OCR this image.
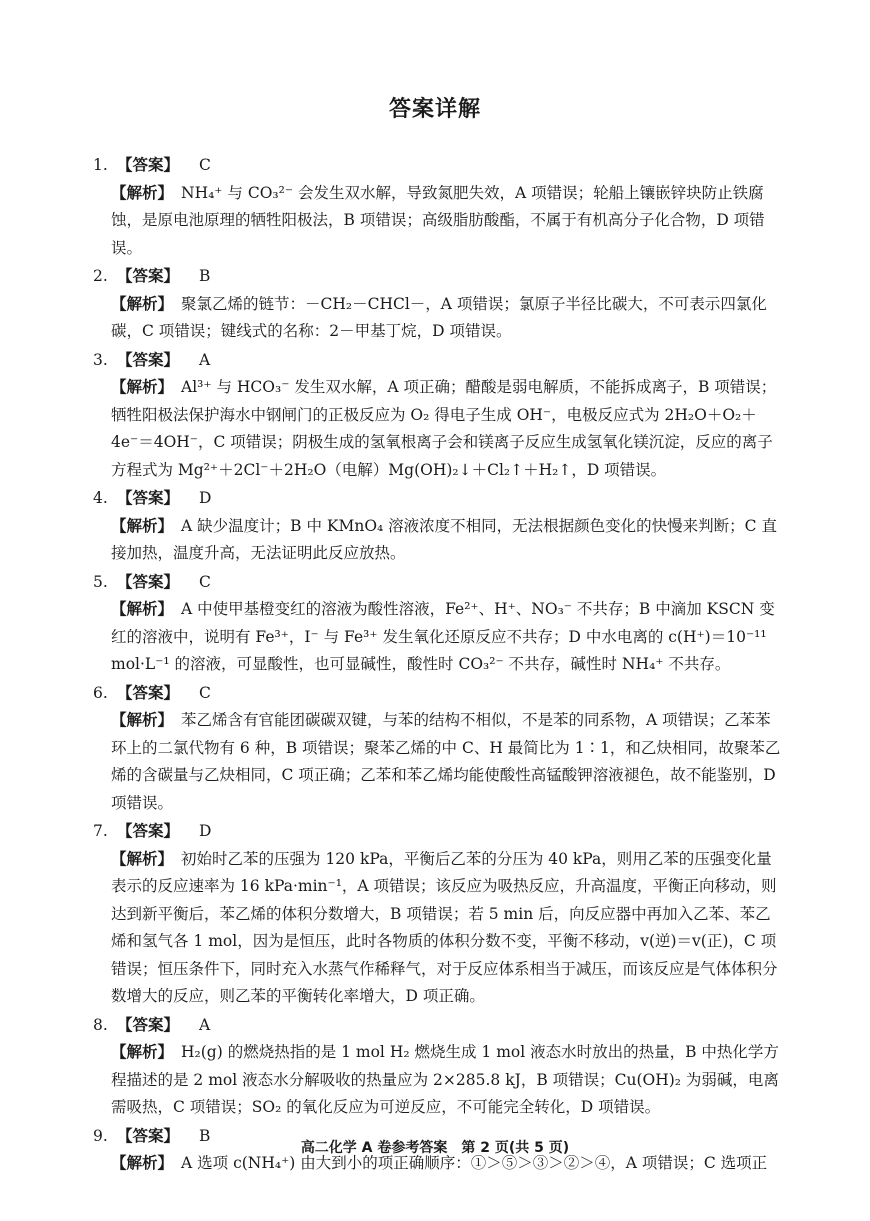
答案详解
1. 【答案】 C
【解析】 NH₄⁺ 与 CO₃²⁻ 会发生双水解，导致氮肥失效，A 项错误；轮船上镶嵌锌块防止铁腐蚀，是原电池原理的牺牲阳极法，B 项错误；高级脂肪酸酯，不属于有机高分子化合物，D 项错误。
2. 【答案】 B
【解析】 聚氯乙烯的链节：－CH₂－CHCl－，A 项错误；氯原子半径比碳大，不可表示四氯化碳，C 项错误；键线式的名称：2－甲基丁烷，D 项错误。
3. 【答案】 A
【解析】 Al³⁺ 与 HCO₃⁻ 发生双水解，A 项正确；醋酸是弱电解质，不能拆成离子，B 项错误；牺牲阳极法保护海水中钢闸门的正极反应为 O₂ 得电子生成 OH⁻，电极反应式为 2H₂O＋O₂＋4e⁻＝4OH⁻，C 项错误；阴极生成的氢氧根离子会和镁离子反应生成氢氧化镁沉淀，反应的离子方程式为 Mg²⁺＋2Cl⁻＋2H₂O（电解）Mg(OH)₂↓＋Cl₂↑＋H₂↑，D 项错误。
4. 【答案】 D
【解析】 A 缺少温度计；B 中 KMnO₄ 溶液浓度不相同，无法根据颜色变化的快慢来判断；C 直接加热，温度升高，无法证明此反应放热。
5. 【答案】 C
【解析】 A 中使甲基橙变红的溶液为酸性溶液，Fe²⁺、H⁺、NO₃⁻ 不共存；B 中滴加 KSCN 变红的溶液中，说明有 Fe³⁺，I⁻ 与 Fe³⁺ 发生氧化还原反应不共存；D 中水电离的 c(H⁺)＝10⁻¹¹ mol·L⁻¹ 的溶液，可显酸性，也可显碱性，酸性时 CO₃²⁻ 不共存，碱性时 NH₄⁺ 不共存。
6. 【答案】 C
【解析】 苯乙烯含有官能团碳碳双键，与苯的结构不相似，不是苯的同系物，A 项错误；乙苯苯环上的二氯代物有 6 种，B 项错误；聚苯乙烯的中 C、H 最简比为 1∶1，和乙炔相同，故聚苯乙烯的含碳量与乙炔相同，C 项正确；乙苯和苯乙烯均能使酸性高锰酸钾溶液褪色，故不能鉴别，D 项错误。
7. 【答案】 D
【解析】 初始时乙苯的压强为 120 kPa，平衡后乙苯的分压为 40 kPa，则用乙苯的压强变化量表示的反应速率为 16 kPa·min⁻¹，A 项错误；该反应为吸热反应，升高温度，平衡正向移动，则达到新平衡后，苯乙烯的体积分数增大，B 项错误；若 5 min 后，向反应器中再加入乙苯、苯乙烯和氢气各 1 mol，因为是恒压，此时各物质的体积分数不变，平衡不移动，v(逆)＝v(正)，C 项错误；恒压条件下，同时充入水蒸气作稀释气，对于反应体系相当于减压，而该反应是气体体积分数增大的反应，则乙苯的平衡转化率增大，D 项正确。
8. 【答案】 A
【解析】 H₂(g) 的燃烧热指的是 1 mol H₂ 燃烧生成 1 mol 液态水时放出的热量，B 中热化学方程描述的是 2 mol 液态水分解吸收的热量应为 2×285.8 kJ，B 项错误；Cu(OH)₂ 为弱碱，电离需吸热，C 项错误；SO₂ 的氧化反应为可逆反应，不可能完全转化，D 项错误。
9. 【答案】 B
【解析】 A 选项 c(NH₄⁺) 由大到小的项正确顺序：①＞⑤＞③＞②＞④，A 项错误；C 选项正
高二化学 A 卷参考答案　第 2 页(共 5 页)
